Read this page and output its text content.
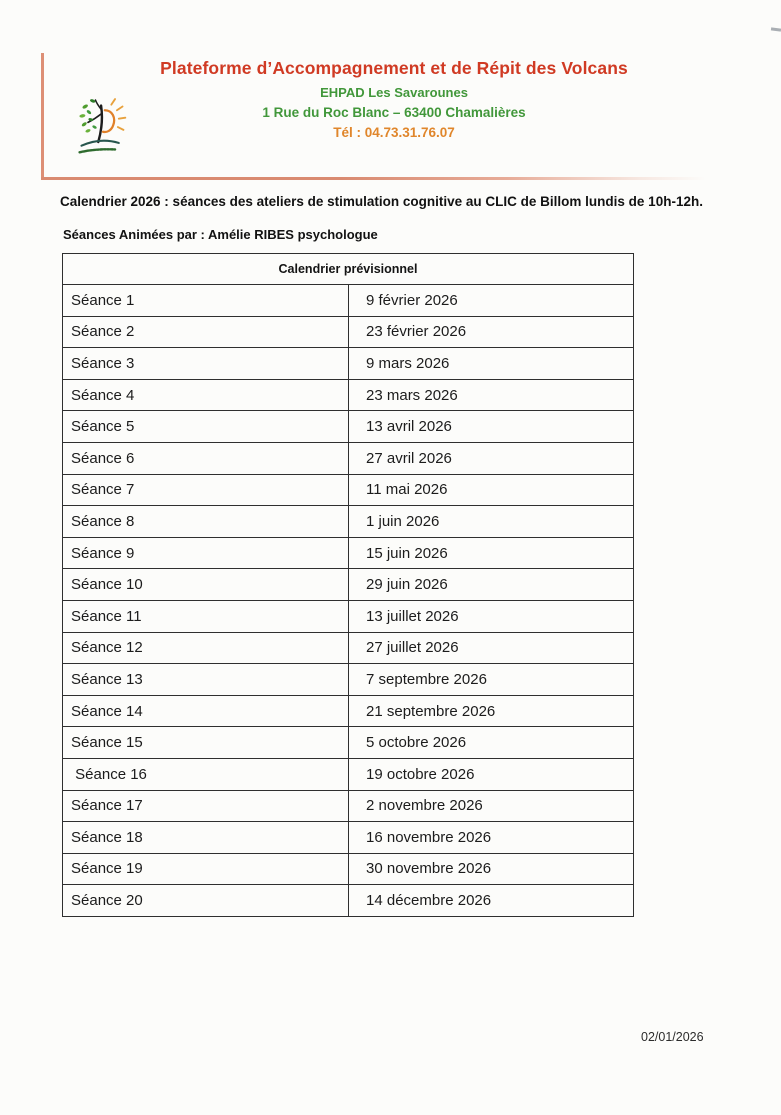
Plateforme d’Accompagnement et de Répit des Volcans
EHPAD Les Savarounes
1 Rue du Roc Blanc – 63400 Chamalières
Tél : 04.73.31.76.07
Calendrier 2026 : séances des ateliers de stimulation cognitive au CLIC de Billom lundis de 10h-12h.
Séances Animées par : Amélie RIBES psychologue
Calendrier prévisionnel	
Séance 1	9 février 2026
Séance 2	23 février 2026
Séance 3	9 mars 2026
Séance 4	23 mars 2026
Séance 5	13 avril 2026
Séance 6	27 avril 2026
Séance 7	11 mai 2026
Séance 8	1 juin 2026
Séance 9	15 juin 2026
Séance 10	29 juin 2026
Séance 11	13 juillet 2026
Séance 12	27 juillet 2026
Séance 13	7 septembre 2026
Séance 14	21 septembre 2026
Séance 15	5 octobre 2026
Séance 16	19 octobre 2026
Séance 17	2 novembre 2026
Séance 18	16 novembre 2026
Séance 19	30 novembre 2026
Séance 20	14 décembre 2026
02/01/2026
